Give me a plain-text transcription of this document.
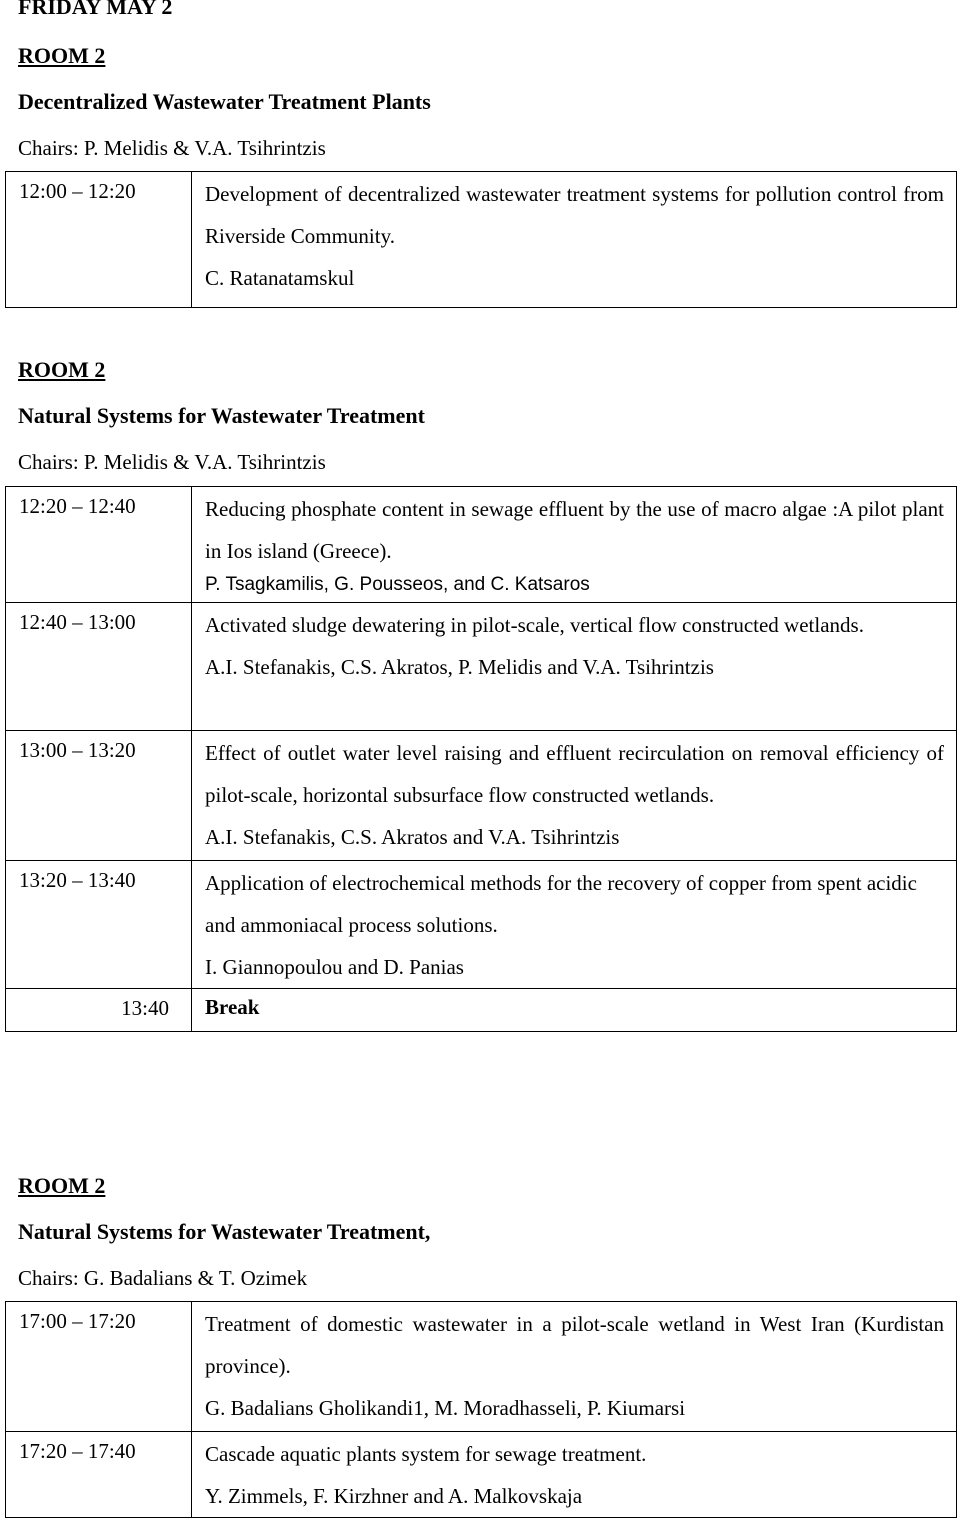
FRIDAY MAY 2

ROOM 2

Decentralized Wastewater Treatment Plants

Chairs: P. Melidis & V.A. Tsihrintzis

12:00 – 12:20	Development of decentralized wastewater treatment systems for pollution control from Riverside Community.

C. Ratanatamskul

ROOM 2

Natural Systems for Wastewater Treatment

Chairs: P. Melidis & V.A. Tsihrintzis

12:20 – 12:40	Reducing phosphate content in sewage effluent by the use of macro algae :A pilot plant in Ios island (Greece).

P. Tsagkamilis, G. Pousseos, and C. Katsaros

12:40 – 13:00	Activated sludge dewatering in pilot-scale, vertical flow constructed wetlands.

A.I. Stefanakis, C.S. Akratos, P. Melidis and V.A. Tsihrintzis

13:00 – 13:20	Effect of outlet water level raising and effluent recirculation on removal efficiency of pilot-scale, horizontal subsurface flow constructed wetlands.

A.I. Stefanakis, C.S. Akratos and V.A. Tsihrintzis

13:20 – 13:40	Application of electrochemical methods for the recovery of copper from spent acidic and ammoniacal process solutions.

I. Giannopoulou and D. Panias

13:40	Break

ROOM 2

Natural Systems for Wastewater Treatment,

Chairs: G. Badalians & T. Ozimek

17:00 – 17:20	Treatment of domestic wastewater in a pilot-scale wetland in West Iran (Kurdistan province).

G. Badalians Gholikandi1, M. Moradhasseli, P. Kiumarsi

17:20 – 17:40	Cascade aquatic plants system for sewage treatment.

Y. Zimmels, F. Kirzhner and A. Malkovskaja
